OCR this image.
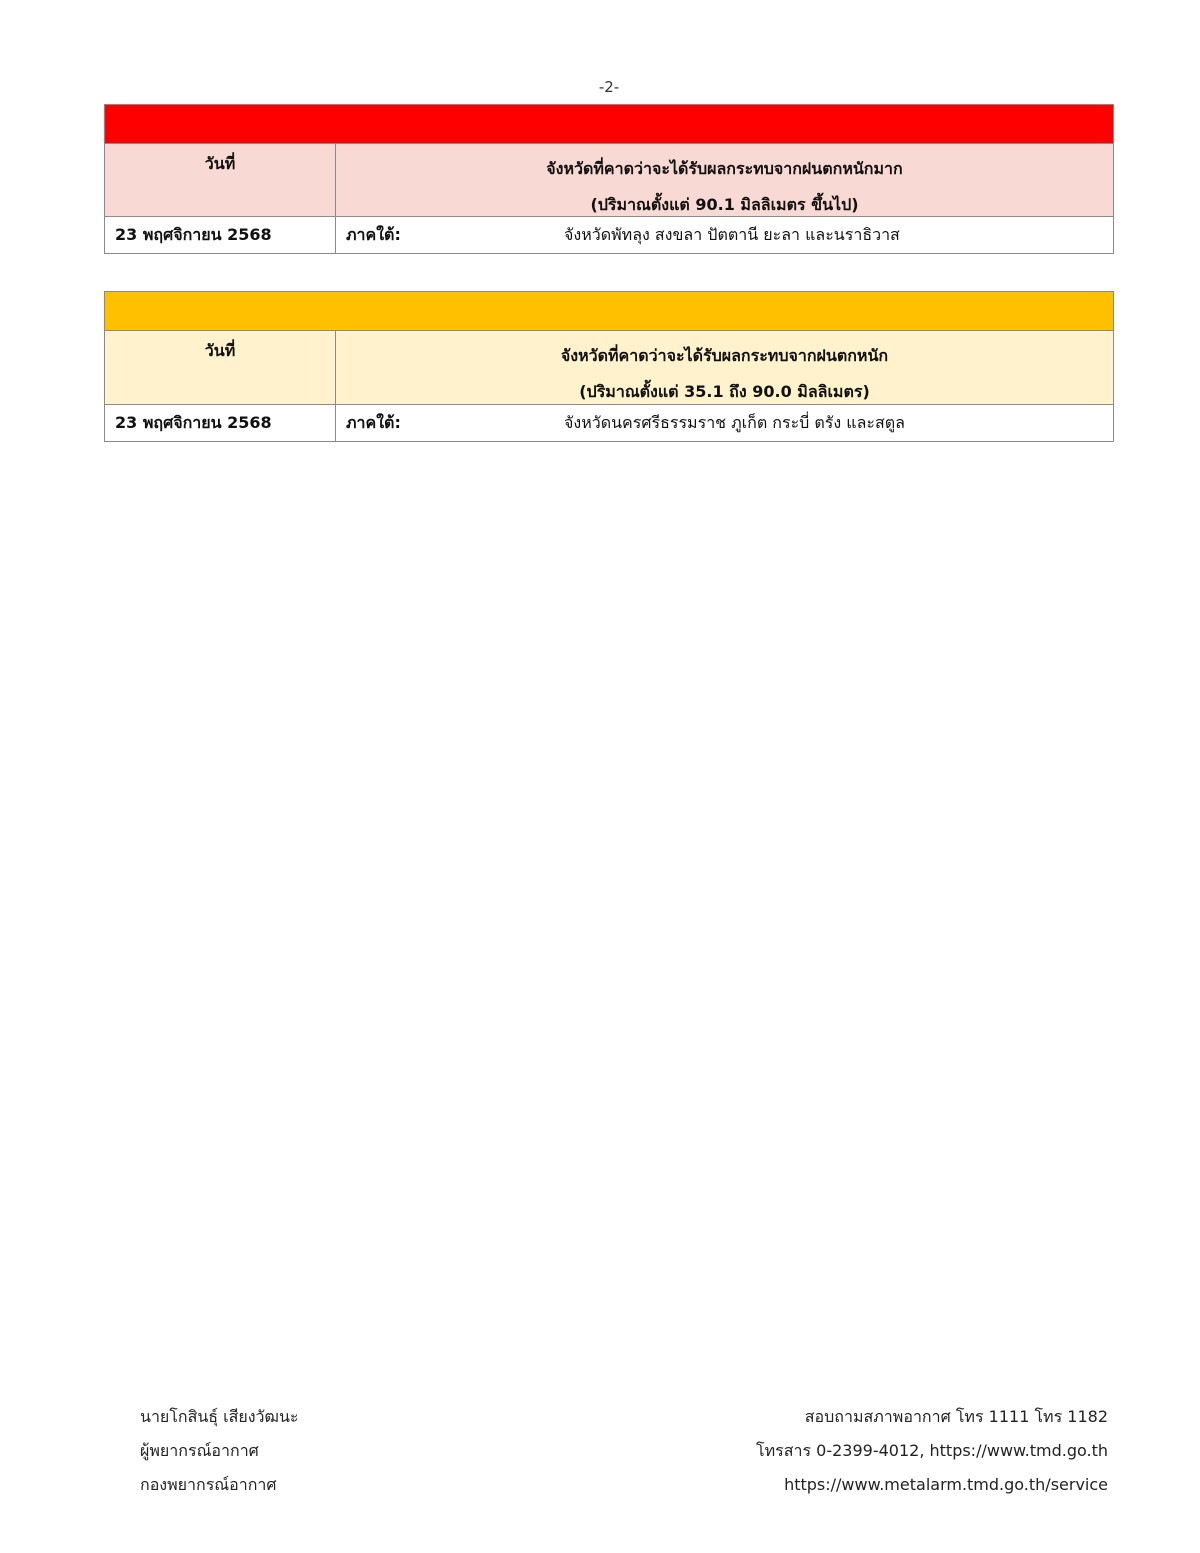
-2-
วันที่	จังหวัดที่คาดว่าจะได้รับผลกระทบจากฝนตกหนักมาก
(ปริมาณตั้งแต่ 90.1 มิลลิเมตร ขึ้นไป)
23 พฤศจิกายน 2568	ภาคใต้:	จังหวัดพัทลุง สงขลา ปัตตานี ยะลา และนราธิวาส
วันที่	จังหวัดที่คาดว่าจะได้รับผลกระทบจากฝนตกหนัก
(ปริมาณตั้งแต่ 35.1 ถึง 90.0 มิลลิเมตร)
23 พฤศจิกายน 2568	ภาคใต้:	จังหวัดนครศรีธรรมราช ภูเก็ต กระบี่ ตรัง และสตูล
นายโกสินธุ์ เสียงวัฒนะ
ผู้พยากรณ์อากาศ
กองพยากรณ์อากาศ
สอบถามสภาพอากาศ โทร 1111 โทร 1182
โทรสาร 0-2399-4012, https://www.tmd.go.th
https://www.metalarm.tmd.go.th/service
